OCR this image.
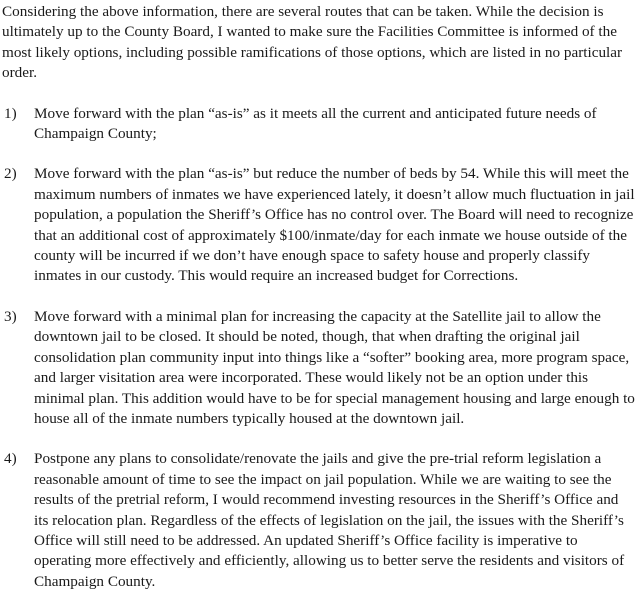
Considering the above information, there are several routes that can be taken. While the decision is ultimately up to the County Board, I wanted to make sure the Facilities Committee is informed of the most likely options, including possible ramifications of those options, which are listed in no particular order.

1)	Move forward with the plan “as-is” as it meets all the current and anticipated future needs of Champaign County;
2)	Move forward with the plan “as-is” but reduce the number of beds by 54. While this will meet the maximum numbers of inmates we have experienced lately, it doesn’t allow much fluctuation in jail population, a population the Sheriff’s Office has no control over. The Board will need to recognize that an additional cost of approximately $100/inmate/day for each inmate we house outside of the county will be incurred if we don’t have enough space to safety house and properly classify inmates in our custody. This would require an increased budget for Corrections.
3)	Move forward with a minimal plan for increasing the capacity at the Satellite jail to allow the downtown jail to be closed. It should be noted, though, that when drafting the original jail consolidation plan community input into things like a “softer” booking area, more program space, and larger visitation area were incorporated. These would likely not be an option under this minimal plan. This addition would have to be for special management housing and large enough to house all of the inmate numbers typically housed at the downtown jail.
4)	Postpone any plans to consolidate/renovate the jails and give the pre-trial reform legislation a reasonable amount of time to see the impact on jail population. While we are waiting to see the results of the pretrial reform, I would recommend investing resources in the Sheriff’s Office and its relocation plan. Regardless of the effects of legislation on the jail, the issues with the Sheriff’s Office will still need to be addressed. An updated Sheriff’s Office facility is imperative to operating more effectively and efficiently, allowing us to better serve the residents and visitors of Champaign County.
